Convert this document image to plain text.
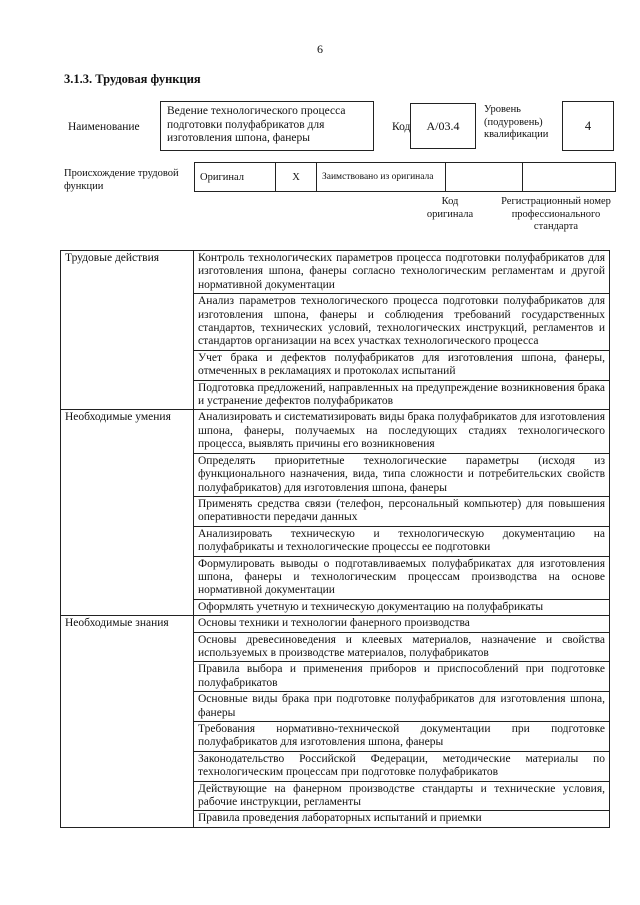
6
3.1.3. Трудовая функция
Наименование
Ведение технологического процесса подготовки полуфабрикатов для изготовления шпона, фанеры
Код	А/03.4
Уровень
(подуровень)
квалификации
4
Происхождение трудовой функции
Оригинал	X	Заимствовано из оригинала		
Код оригинала
Регистрационный номер профессионального стандарта
Трудовые действия	Контроль технологических параметров процесса подготовки полуфабрикатов для изготовления шпона, фанеры согласно технологическим регламентам и другой нормативной документации
	Анализ параметров технологического процесса подготовки полуфабрикатов для изготовления шпона, фанеры и соблюдения требований государственных стандартов, технических условий, технологических инструкций, регламентов и стандартов организации на всех участках технологического процесса
	Учет брака и дефектов полуфабрикатов для изготовления шпона, фанеры, отмеченных в рекламациях и протоколах испытаний
	Подготовка предложений, направленных на предупреждение возникновения брака и устранение дефектов полуфабрикатов
Необходимые умения	Анализировать и систематизировать виды брака полуфабрикатов для изготовления шпона, фанеры, получаемых на последующих стадиях технологического процесса, выявлять причины его возникновения
	Определять приоритетные технологические параметры (исходя из функционального назначения, вида, типа сложности и потребительских свойств полуфабрикатов) для изготовления шпона, фанеры
	Применять средства связи (телефон, персональный компьютер) для повышения оперативности передачи данных
	Анализировать техническую и технологическую документацию на полуфабрикаты и технологические процессы ее подготовки
	Формулировать выводы о подготавливаемых полуфабрикатах для изготовления шпона, фанеры и технологическим процессам производства на основе нормативной документации
	Оформлять учетную и техническую документацию на полуфабрикаты
Необходимые знания	Основы техники и технологии фанерного производства
	Основы древесиноведения и клеевых материалов, назначение и свойства используемых в производстве материалов, полуфабрикатов
	Правила выбора и применения приборов и приспособлений при подготовке полуфабрикатов
	Основные виды брака при подготовке полуфабрикатов для изготовления шпона, фанеры
	Требования нормативно-технической документации при подготовке полуфабрикатов для изготовления шпона, фанеры
	Законодательство Российской Федерации, методические материалы по технологическим процессам при подготовке полуфабрикатов
	Действующие на фанерном производстве стандарты и технические условия, рабочие инструкции, регламенты
	Правила проведения лабораторных испытаний и приемки
